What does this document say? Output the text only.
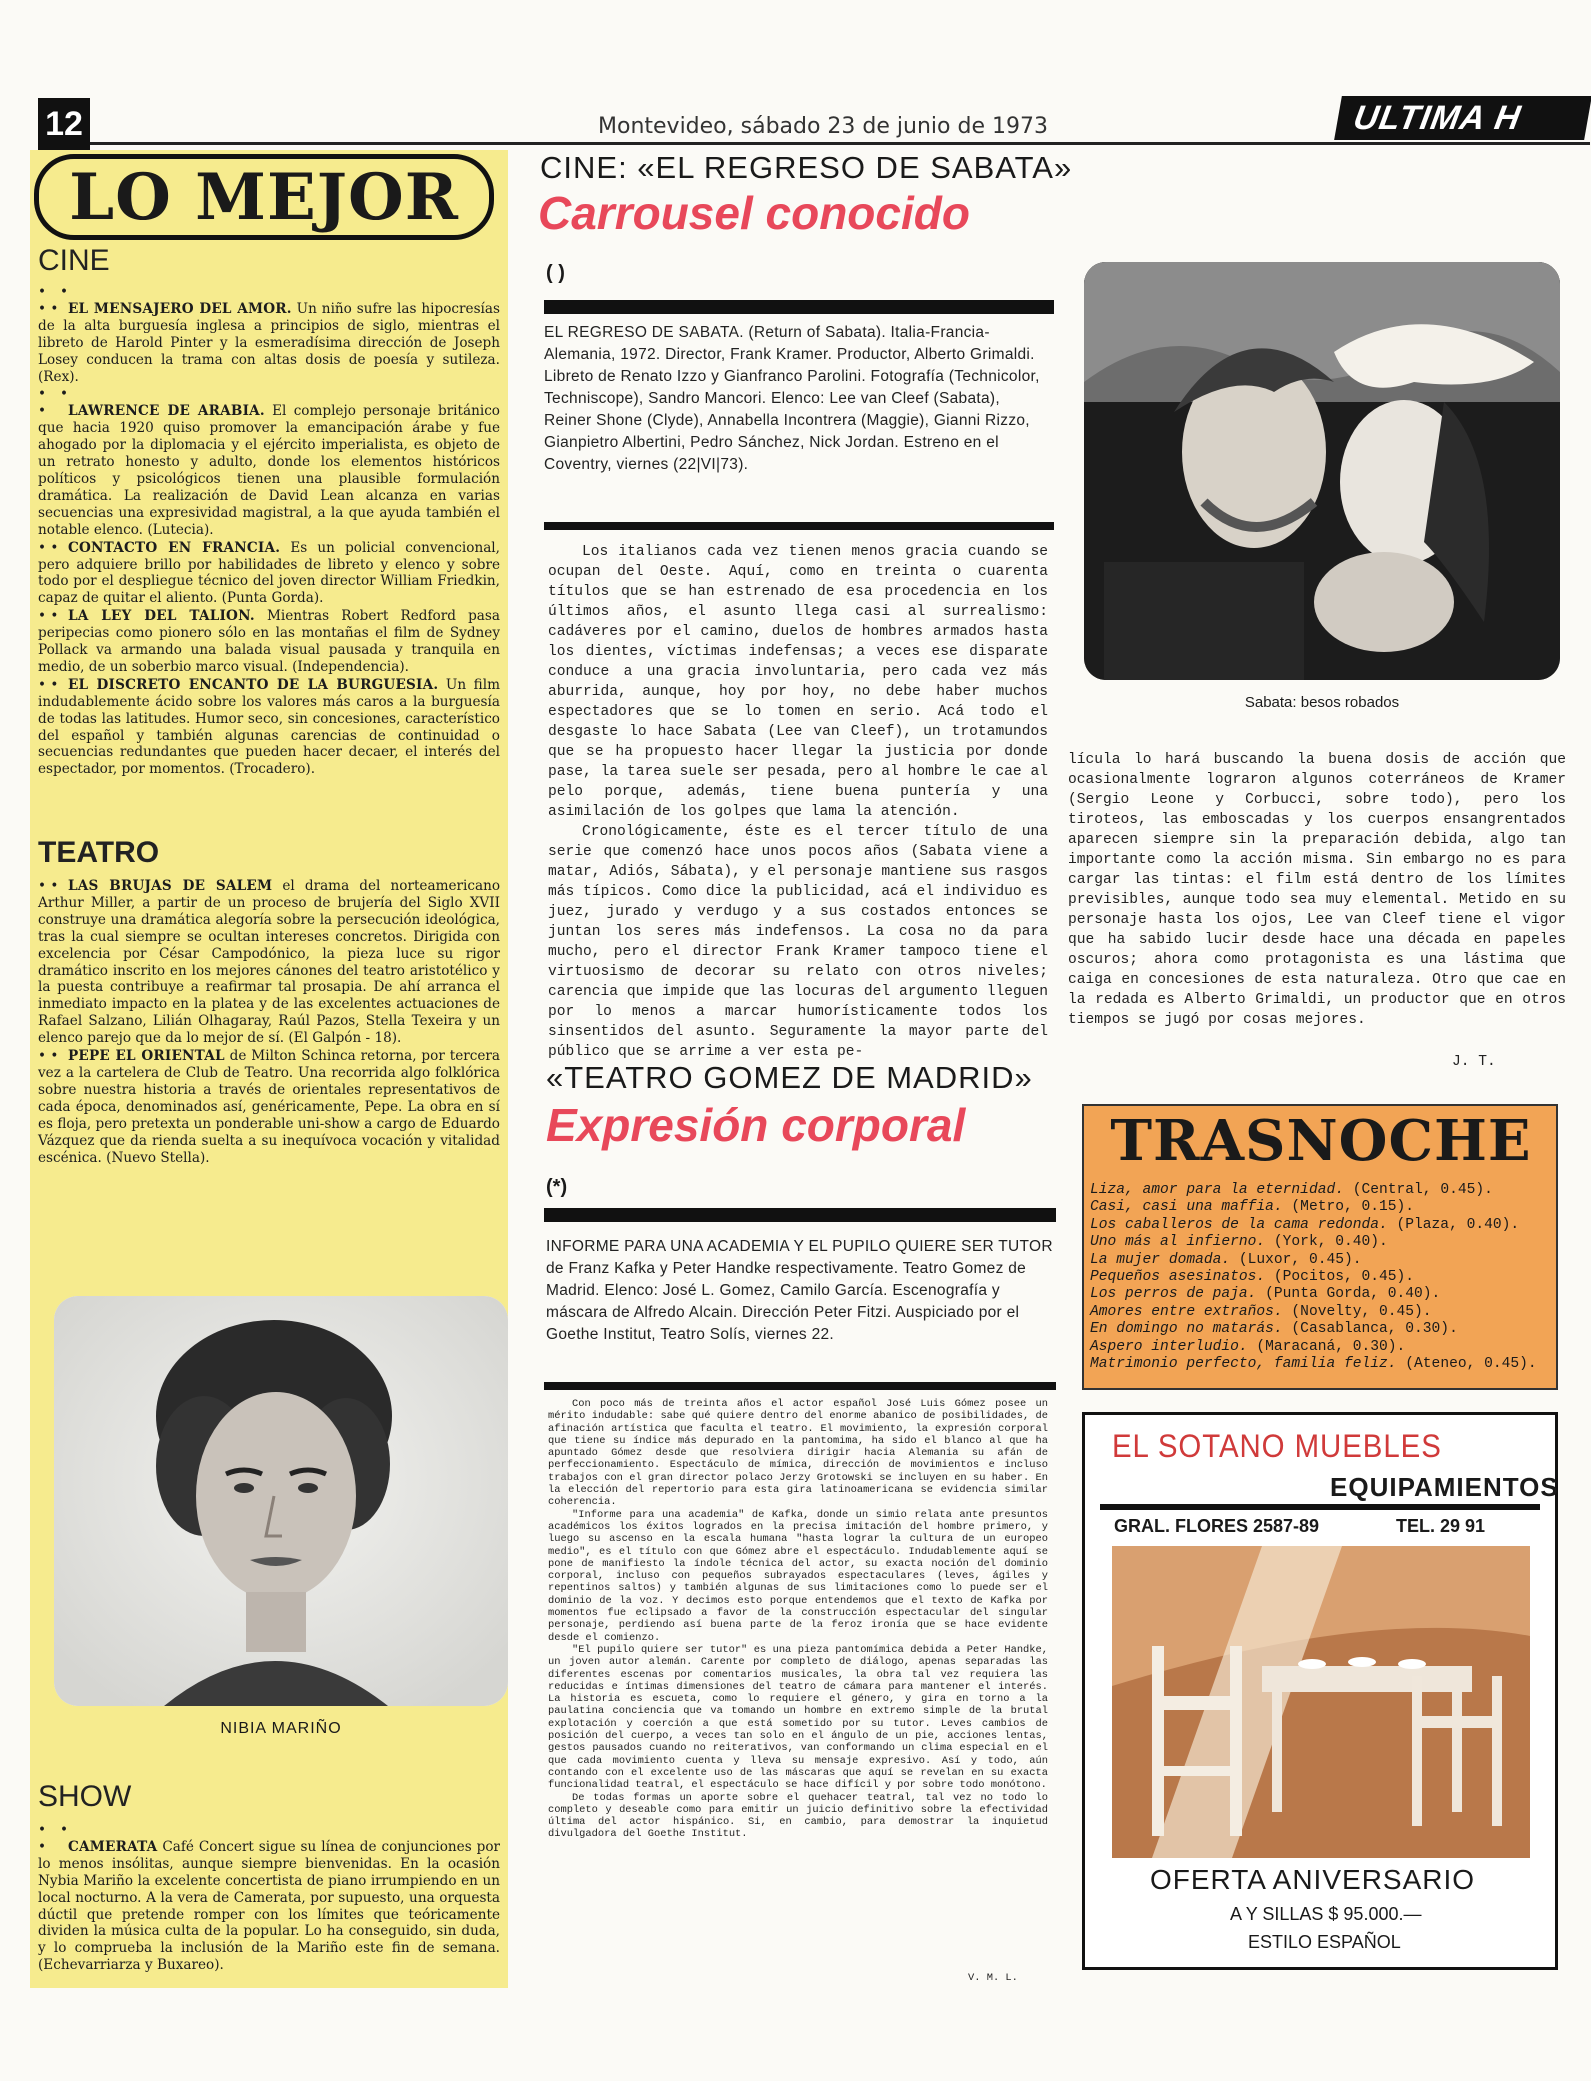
12	Montevideo, sábado 23 de junio de 1973	ULTIMA H
LO MEJOR
CINE

• • • • EL MENSAJERO DEL AMOR. Un niño sufre las hipocresías de la alta burguesía inglesa a principios de siglo, mientras el libreto de Harold Pinter y la esmeradísima dirección de Joseph Losey conducen la trama con altas dosis de poesía y sutileza. (Rex).

• • • LAWRENCE DE ARABIA. El complejo personaje británico que hacia 1920 quiso promover la emancipación árabe y fue ahogado por la diplomacia y el ejército imperialista, es objeto de un retrato honesto y adulto, donde los elementos históricos políticos y psicológicos tienen una plausible formulación dramática. La realización de David Lean alcanza en varias secuencias una expresividad magistral, a la que ayuda también el notable elenco. (Lutecia).

• • CONTACTO EN FRANCIA. Es un policial convencional, pero adquiere brillo por habilidades de libreto y elenco y sobre todo por el despliegue técnico del joven director William Friedkin, capaz de quitar el aliento. (Punta Gorda).

• • LA LEY DEL TALION. Mientras Robert Redford pasa peripecias como pionero sólo en las montañas el film de Sydney Pollack va armando una balada visual pausada y tranquila en medio, de un soberbio marco visual. (Independencia).

• • EL DISCRETO ENCANTO DE LA BURGUESIA. Un film indudablemente ácido sobre los valores más caros a la burguesía de todas las latitudes. Humor seco, sin concesiones, característico del español y también algunas carencias de continuidad o secuencias redundantes que pueden hacer decaer, el interés del espectador, por momentos. (Trocadero).

TEATRO

• • LAS BRUJAS DE SALEM el drama del norteamericano Arthur Miller, a partir de un proceso de brujería del Siglo XVII construye una dramática alegoría sobre la persecución ideológica, tras la cual siempre se ocultan intereses concretos. Dirigida con excelencia por César Campodónico, la pieza luce su rigor dramático inscrito en los mejores cánones del teatro aristotélico y la puesta contribuye a reafirmar tal prosapia. De ahí arranca el inmediato impacto en la platea y de las excelentes actuaciones de Rafael Salzano, Lilián Olhagaray, Raúl Pazos, Stella Texeira y un elenco parejo que da lo mejor de sí. (El Galpón - 18).

• • PEPE EL ORIENTAL de Milton Schinca retorna, por tercera vez a la cartelera de Club de Teatro. Una recorrida algo folklórica sobre nuestra historia a través de orientales representativos de cada época, denominados así, genéricamente, Pepe. La obra en sí es floja, pero pretexta un ponderable uni-show a cargo de Eduardo Vázquez que da rienda suelta a su inequívoca vocación y vitalidad escénica. (Nuevo Stella).

NIBIA MARIÑO
SHOW

• • • CAMERATA Café Concert sigue su línea de conjunciones por lo menos insólitas, aunque siempre bienvenidas. En la ocasión Nybia Mariño la excelente concertista de piano irrumpiendo en un local nocturno. A la vera de Camerata, por supuesto, una orquesta dúctil que pretende romper con los límites que teóricamente dividen la música culta de la popular. Lo ha conseguido, sin duda, y lo comprueba la inclusión de la Mariño este fin de semana. (Echevarriarza y Buxareo).

CINE: «EL REGRESO DE SABATA»
Carrousel conocido
( )
EL REGRESO DE SABATA. (Return of Sabata). Italia-Francia-Alemania, 1972. Director, Frank Kramer. Productor, Alberto Grimaldi. Libreto de Renato Izzo y Gianfranco Parolini. Fotografía (Technicolor, Techniscope), Sandro Mancori. Elenco: Lee van Cleef (Sabata), Reiner Shone (Clyde), Annabella Incontrera (Maggie), Gianni Rizzo, Gianpietro Albertini, Pedro Sánchez, Nick Jordan. Estreno en el Coventry, viernes (22|VI|73).

Los italianos cada vez tienen menos gracia cuando se ocupan del Oeste. Aquí, como en treinta o cuarenta títulos que se han estrenado de esa procedencia en los últimos años, el asunto llega casi al surrealismo: cadáveres por el camino, duelos de hombres armados hasta los dientes, víctimas indefensas; a veces ese disparate conduce a una gracia involuntaria, pero cada vez más aburrida, aunque, hoy por hoy, no debe haber muchos espectadores que se lo tomen en serio. Acá todo el desgaste lo hace Sabata (Lee van Cleef), un trotamundos que se ha propuesto hacer llegar la justicia por donde pase, la tarea suele ser pesada, pero al hombre le cae al pelo porque, además, tiene buena puntería y una asimilación de los golpes que lama la atención.

Cronológicamente, éste es el tercer título de una serie que comenzó hace unos pocos años (Sabata viene a matar, Adiós, Sábata), y el personaje mantiene sus rasgos más típicos. Como dice la publicidad, acá el individuo es juez, jurado y verdugo y a sus costados entonces se juntan los seres más indefensos. La cosa no da para mucho, pero el director Frank Kramer tampoco tiene el virtuosismo de decorar su relato con otros niveles; carencia que impide que las locuras del argumento lleguen por lo menos a marcar humorísticamente todos los sinsentidos del asunto. Seguramente la mayor parte del público que se arrime a ver esta pe-

Sabata: besos robados

lícula lo hará buscando la buena dosis de acción que ocasionalmente lograron algunos coterráneos de Kramer (Sergio Leone y Corbucci, sobre todo), pero los tiroteos, las emboscadas y los cuerpos ensangrentados aparecen siempre sin la preparación debida, algo tan importante como la acción misma. Sin embargo no es para cargar las tintas: el film está dentro de los límites previsibles, aunque todo sea muy elemental. Metido en su personaje hasta los ojos, Lee van Cleef tiene el vigor que ha sabido lucir desde hace una década en papeles oscuros; ahora como protagonista es una lástima que caiga en concesiones de esta naturaleza. Otro que cae en la redada es Alberto Grimaldi, un productor que en otros tiempos se jugó por cosas mejores.

J. T.
«TEATRO GOMEZ DE MADRID»
Expresión corporal
(*)
INFORME PARA UNA ACADEMIA Y EL PUPILO QUIERE SER TUTOR de Franz Kafka y Peter Handke respectivamente. Teatro Gomez de Madrid. Elenco: José L. Gomez, Camilo García. Escenografía y máscara de Alfredo Alcain. Dirección Peter Fitzi. Auspiciado por el Goethe Institut, Teatro Solís, viernes 22.

Con poco más de treinta años el actor español José Luis Gómez posee un mérito indudable: sabe qué quiere dentro del enorme abanico de posibilidades, de afinación artística que faculta el teatro. El movimiento, la expresión corporal que tiene su índice más depurado en la pantomima, ha sido el blanco al que ha apuntado Gómez desde que resolviera dirigir hacia Alemania su afán de perfeccionamiento. Espectáculo de mímica, dirección de movimientos e incluso trabajos con el gran director polaco Jerzy Grotowski se incluyen en su haber. En la elección del repertorio para esta gira latinoamericana se evidencia similar coherencia.

"Informe para una academia" de Kafka, donde un simio relata ante presuntos académicos los éxitos logrados en la precisa imitación del hombre primero, y luego su ascenso en la escala humana "hasta lograr la cultura de un europeo medio", es el título con que Gómez abre el espectáculo. Indudablemente aquí se pone de manifiesto la índole técnica del actor, su exacta noción del dominio corporal, incluso con pequeños subrayados espectaculares (leves, ágiles y repentinos saltos) y también algunas de sus limitaciones como lo puede ser el dominio de la voz. Y decimos esto porque entendemos que el texto de Kafka por momentos fue eclipsado a favor de la construcción espectacular del singular personaje, perdiendo así buena parte de la feroz ironía que se hace evidente desde el comienzo.

"El pupilo quiere ser tutor" es una pieza pantomímica debida a Peter Handke, un joven autor alemán. Carente por completo de diálogo, apenas separadas las diferentes escenas por comentarios musicales, la obra tal vez requiera las reducidas e íntimas dimensiones del teatro de cámara para mantener el interés. La historia es escueta, como lo requiere el género, y gira en torno a la paulatina conciencia que va tomando un hombre en extremo simple de la brutal explotación y coerción a que está sometido por su tutor. Leves cambios de posición del cuerpo, a veces tan solo en el ángulo de un pie, acciones lentas, gestos pausados cuando no reiterativos, van conformando un clima especial en el que cada movimiento cuenta y lleva su mensaje expresivo. Así y todo, aún contando con el excelente uso de las máscaras que aquí se revelan en su exacta funcionalidad teatral, el espectáculo se hace difícil y por sobre todo monótono.

De todas formas un aporte sobre el quehacer teatral, tal vez no todo lo completo y deseable como para emitir un juicio definitivo sobre la efectividad última del actor hispánico. Si, en cambio, para demostrar la inquietud divulgadora del Goethe Institut.

V. M. L.
TRASNOCHE
Liza, amor para la eternidad. (Central, 0.45).
Casi, casi una maffia. (Metro, 0.15).
Los caballeros de la cama redonda. (Plaza, 0.40).
Uno más al infierno. (York, 0.40).
La mujer domada. (Luxor, 0.45).
Pequeños asesinatos. (Pocitos, 0.45).
Los perros de paja. (Punta Gorda, 0.40).
Amores entre extraños. (Novelty, 0.45).
En domingo no matarás. (Casablanca, 0.30).
Aspero interludio. (Maracaná, 0.30).
Matrimonio perfecto, familia feliz. (Ateneo, 0.45).
EL SOTANO MUEBLES
EQUIPAMIENTOS
GRAL. FLORES 2587-89	TEL. 29 91
OFERTA ANIVERSARIO
A Y SILLAS $ 95.000.—
ESTILO ESPAÑOL
